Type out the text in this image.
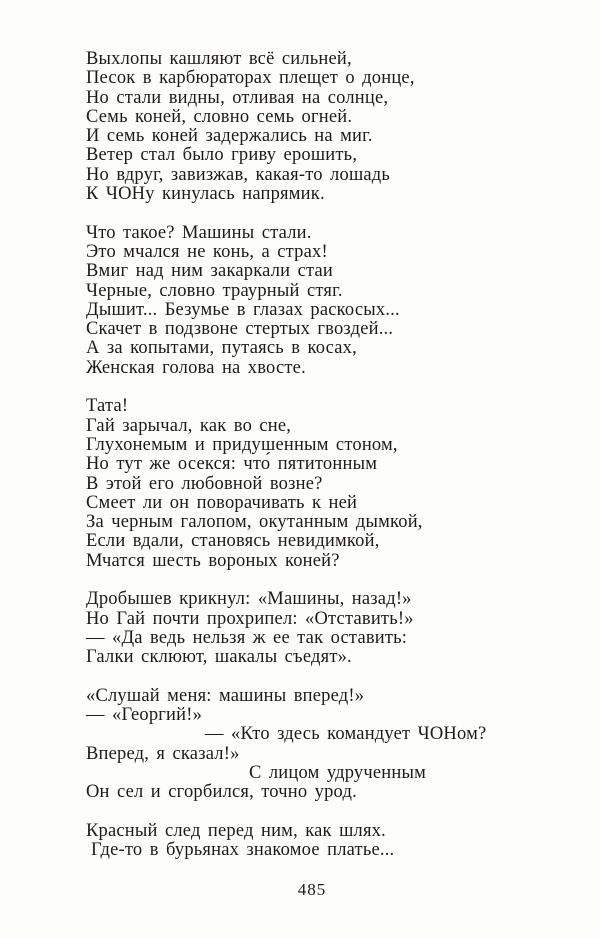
Выхлопы кашляют всё сильней,
Песок в карбюраторах плещет о донце,
Но стали видны, отливая на солнце,
Семь коней, словно семь огней.
И семь коней задержались на миг.
Ветер стал было гриву ерошить,
Но вдруг, завизжав, какая-то лошадь
К ЧОНу кинулась напрямик.
Что такое? Машины стали.
Это мчался не конь, а страх!
Вмиг над ним закаркали стаи
Черные, словно траурный стяг.
Дышит... Безумье в глазах раскосых...
Скачет в подзвоне стертых гвоздей...
А за копытами, путаясь в косах,
Женская голова на хвосте.
Тата!
Гай зарычал, как во сне,
Глухонемым и придушенным стоном,
Но тут же осекся: что́ пятитонным
В этой его любовной возне?
Смеет ли он поворачивать к ней
За черным галопом, окутанным дымкой,
Если вдали, становясь невидимкой,
Мчатся шесть вороных коней?
Дробышев крикнул: «Машины, назад!»
Но Гай почти прохрипел: «Отставить!»
— «Да ведь нельзя ж ее так оставить:
Галки склюют, шакалы съедят».
«Слушай меня: машины вперед!»
— «Георгий!»
— «Кто здесь командует ЧОНом?
Вперед, я сказал!»
С лицом удрученным
Он сел и сгорбился, точно урод.
Красный след перед ним, как шлях.
Где-то в бурьянах знакомое платье...
485
